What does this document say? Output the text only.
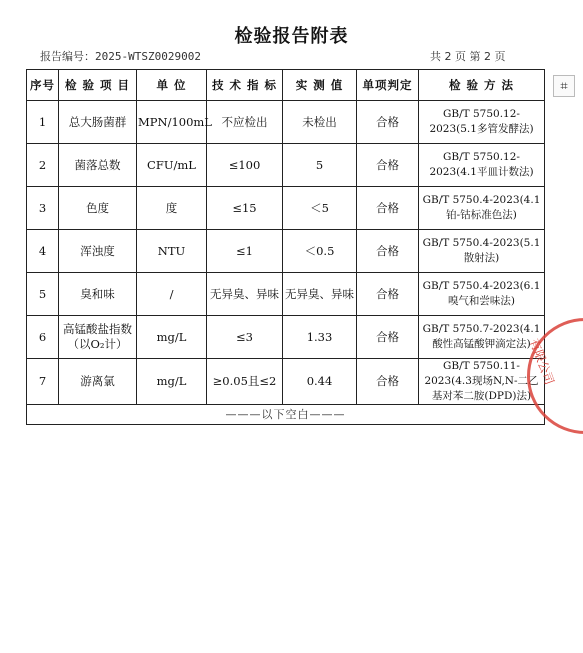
检验报告附表
报告编号：2025-WTSZ0029002	共 2 页 第 2 页
⌗
序号	检 验 项 目	单 位	技 术 指 标	实 测 值	单项判定	检 验 方 法
1	总大肠菌群	MPN/100mL	不应检出	未检出	合格	GB/T 5750.12-2023(5.1多管发酵法)
2	菌落总数	CFU/mL	≤100	5	合格	GB/T 5750.12-2023(4.1平皿计数法)
3	色度	度	≤15	＜5	合格	GB/T 5750.4-2023(4.1铂-钴标准色法)
4	浑浊度	NTU	≤1	＜0.5	合格	GB/T 5750.4-2023(5.1散射法)
5	臭和味	/	无异臭、异味	无异臭、异味	合格	GB/T 5750.4-2023(6.1嗅气和尝味法)
6	高锰酸盐指数（以O₂计）	mg/L	≤3	1.33	合格	GB/T 5750.7-2023(4.1酸性高锰酸钾滴定法)
7	游离氯	mg/L	≥0.05且≤2	0.44	合格	GB/T 5750.11-2023(4.3现场N,N-二乙基对苯二胺(DPD)法)
———以下空白———						
有限公司
